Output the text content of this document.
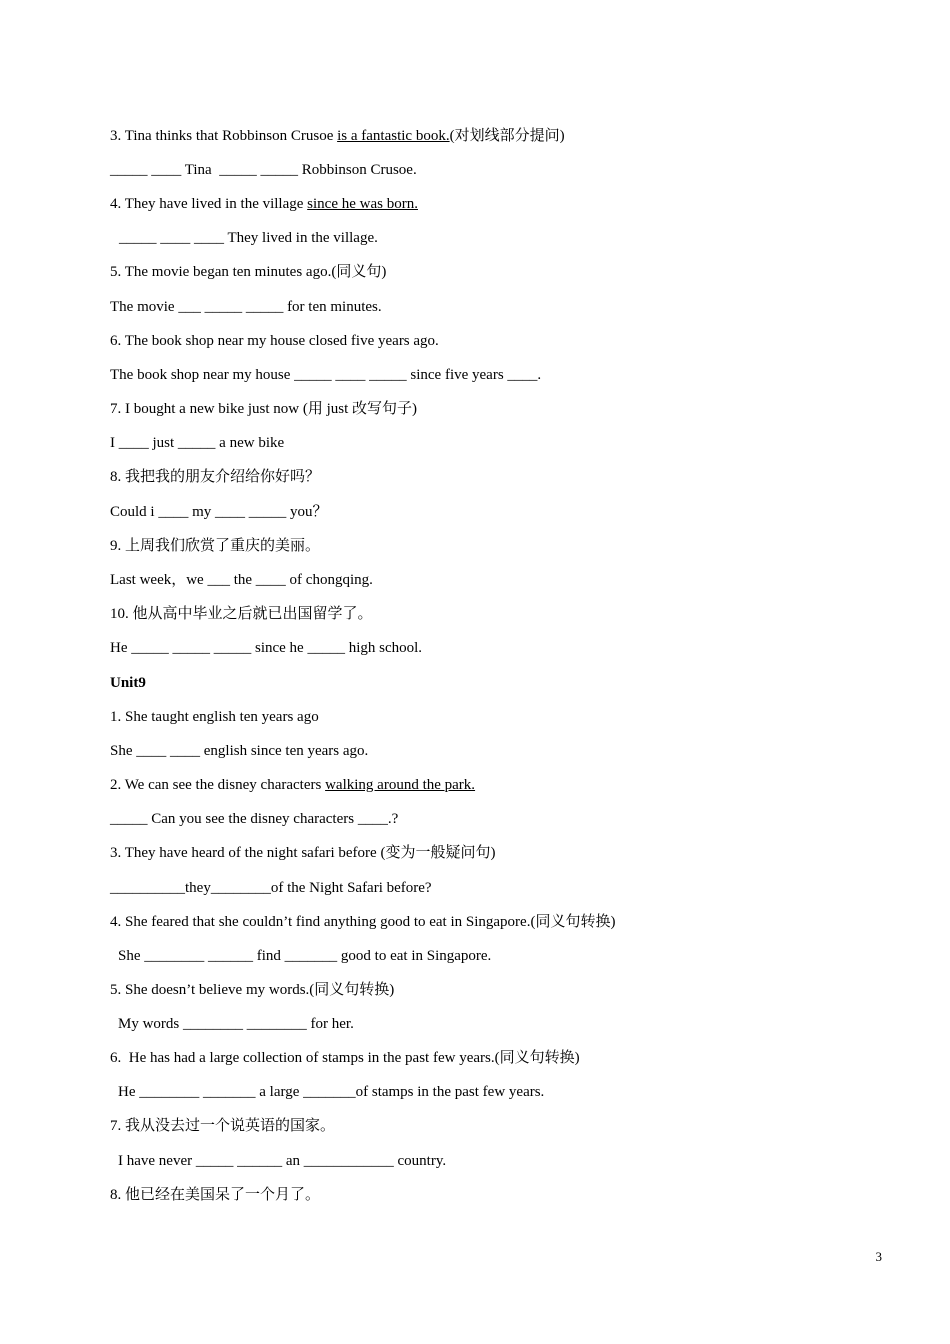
3. Tina thinks that Robbinson Crusoe is a fantastic book.(对划线部分提问)
_____ ____ Tina  _____ _____ Robbinson Crusoe.
4. They have lived in the village since he was born.
_____ ____ ____ They lived in the village.
5. The movie began ten minutes ago.(同义句)
The movie ___ _____ _____ for ten minutes.
6. The book shop near my house closed five years ago.
The book shop near my house _____ ____ _____ since five years ____.
7. I bought a new bike just now (用 just 改写句子)
I ____ just _____ a new bike
8. 我把我的朋友介绍给你好吗？
Could i ____ my ____ _____ you？
9. 上周我们欣赏了重庆的美丽。
Last week，we ___ the ____ of chongqing.
10. 他从高中毕业之后就已出国留学了。
He _____ _____ _____ since he _____ high school.
Unit9
1. She taught english ten years ago
She ____ ____ english since ten years ago.
2. We can see the disney characters walking around the park.
_____ Can you see the disney characters ____.?
3. They have heard of the night safari before (变为一般疑问句)
__________they________of the Night Safari before?
4. She feared that she couldn’t find anything good to eat in Singapore.(同义句转换)
She ________ ______ find _______ good to eat in Singapore.
5. She doesn’t believe my words.(同义句转换)
My words ________ ________ for her.
6.  He has had a large collection of stamps in the past few years.(同义句转换)
He ________ _______ a large _______of stamps in the past few years.
7. 我从没去过一个说英语的国家。
I have never _____ ______ an ____________ country.
8. 他已经在美国呆了一个月了。
3
